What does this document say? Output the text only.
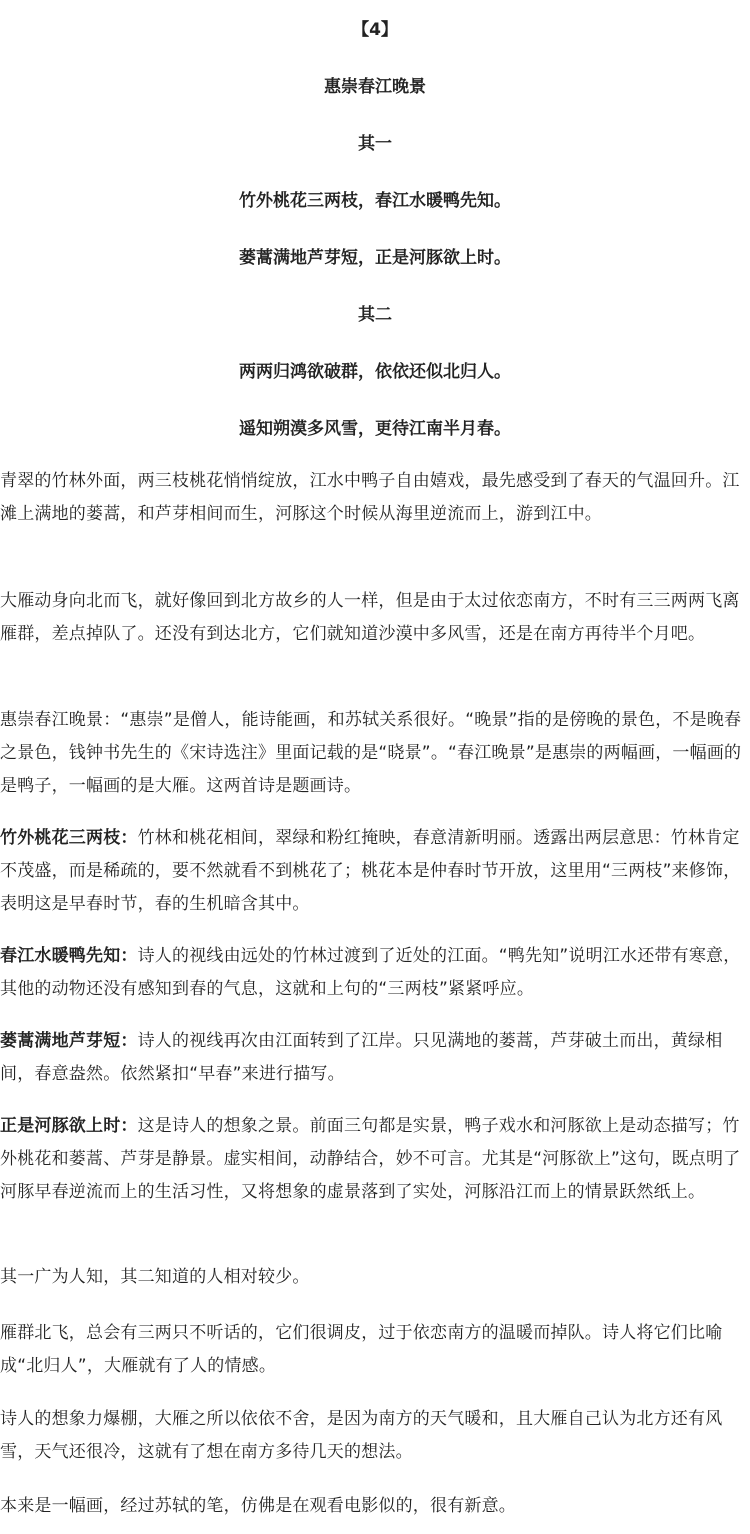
【4】
惠崇春江晚景
其一
竹外桃花三两枝，春江水暖鸭先知。
蒌蒿满地芦芽短，正是河豚欲上时。
其二
两两归鸿欲破群，依依还似北归人。
遥知朔漠多风雪，更待江南半月春。

青翠的竹林外面，两三枝桃花悄悄绽放，江水中鸭子自由嬉戏，最先感受到了春天的气温回升。江滩上满地的蒌蒿，和芦芽相间而生，河豚这个时候从海里逆流而上，游到江中。

大雁动身向北而飞，就好像回到北方故乡的人一样，但是由于太过依恋南方，不时有三三两两飞离雁群，差点掉队了。还没有到达北方，它们就知道沙漠中多风雪，还是在南方再待半个月吧。

惠崇春江晚景：“惠崇”是僧人，能诗能画，和苏轼关系很好。“晚景”指的是傍晚的景色，不是晚春之景色，钱钟书先生的《宋诗选注》里面记载的是“晓景”。“春江晚景”是惠崇的两幅画，一幅画的是鸭子，一幅画的是大雁。这两首诗是题画诗。

竹外桃花三两枝：竹林和桃花相间，翠绿和粉红掩映，春意清新明丽。透露出两层意思：竹林肯定不茂盛，而是稀疏的，要不然就看不到桃花了；桃花本是仲春时节开放，这里用“三两枝”来修饰，表明这是早春时节，春的生机暗含其中。

春江水暖鸭先知：诗人的视线由远处的竹林过渡到了近处的江面。“鸭先知”说明江水还带有寒意，其他的动物还没有感知到春的气息，这就和上句的“三两枝”紧紧呼应。

蒌蒿满地芦芽短：诗人的视线再次由江面转到了江岸。只见满地的蒌蒿，芦芽破土而出，黄绿相间，春意盎然。依然紧扣“早春”来进行描写。

正是河豚欲上时：这是诗人的想象之景。前面三句都是实景，鸭子戏水和河豚欲上是动态描写；竹外桃花和蒌蒿、芦芽是静景。虚实相间，动静结合，妙不可言。尤其是“河豚欲上”这句，既点明了河豚早春逆流而上的生活习性，又将想象的虚景落到了实处，河豚沿江而上的情景跃然纸上。

其一广为人知，其二知道的人相对较少。

雁群北飞，总会有三两只不听话的，它们很调皮，过于依恋南方的温暖而掉队。诗人将它们比喻成“北归人”，大雁就有了人的情感。

诗人的想象力爆棚，大雁之所以依依不舍，是因为南方的天气暖和，且大雁自己认为北方还有风雪，天气还很冷，这就有了想在南方多待几天的想法。

本来是一幅画，经过苏轼的笔，仿佛是在观看电影似的，很有新意。
